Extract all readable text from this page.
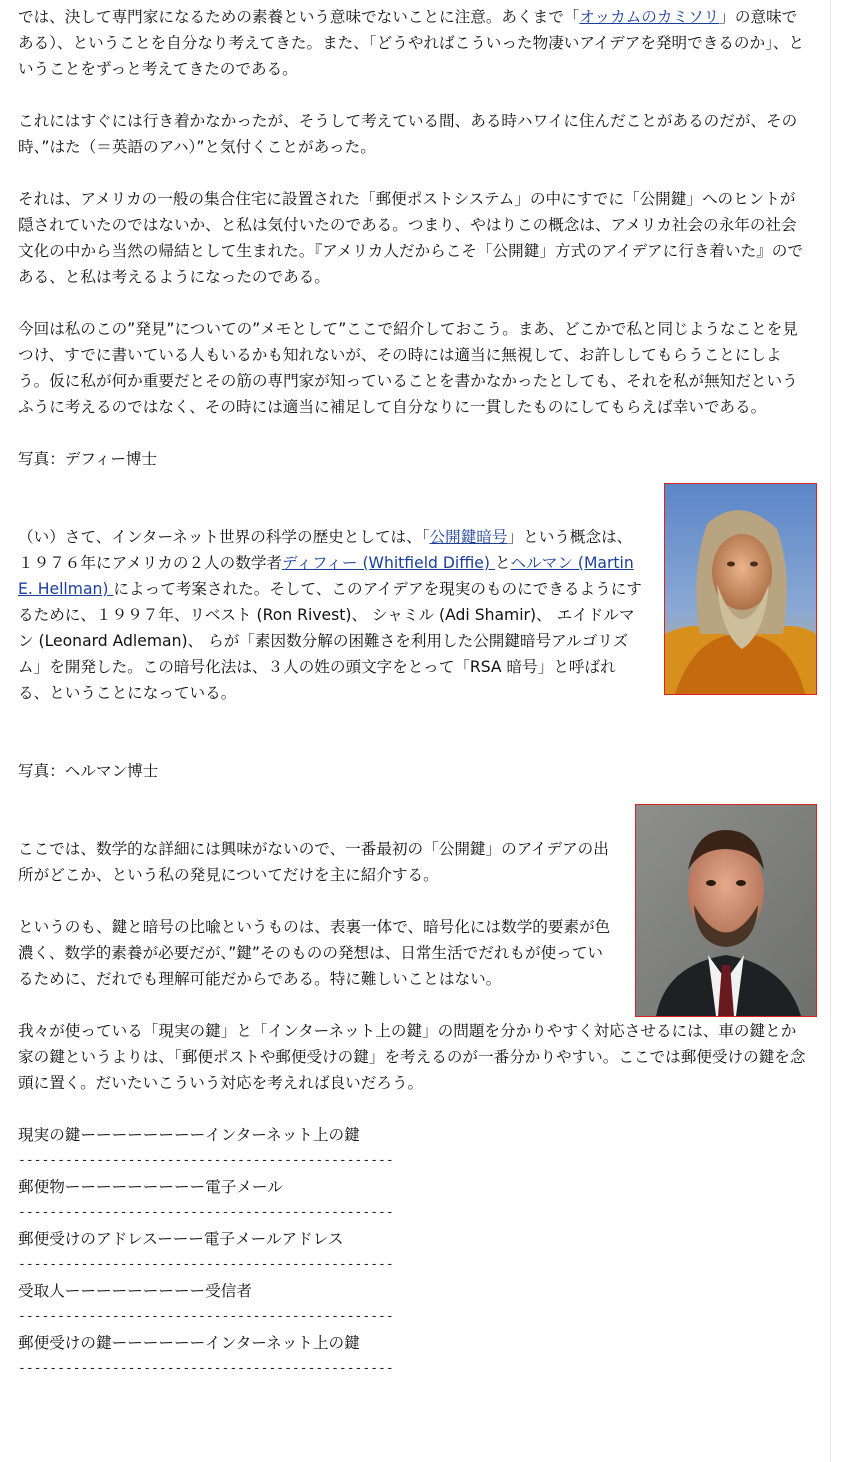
では、決して専門家になるための素養という意味でないことに注意。あくまで「オッカムのカミソリ」の意味である）、ということを自分なり考えてきた。また、「どうやればこういった物凄いアイデアを発明できるのか」、ということをずっと考えてきたのである。

これにはすぐには行き着かなかったが、そうして考えている間、ある時ハワイに住んだことがあるのだが、その時、”はた（＝英語のアハ）”と気付くことがあった。

それは、アメリカの一般の集合住宅に設置された「郵便ポストシステム」の中にすでに「公開鍵」へのヒントが隠されていたのではないか、と私は気付いたのである。つまり、やはりこの概念は、アメリカ社会の永年の社会文化の中から当然の帰結として生まれた。『アメリカ人だからこそ「公開鍵」方式のアイデアに行き着いた』のである、と私は考えるようになったのである。

今回は私のこの”発見”についての”メモとして”ここで紹介しておこう。まあ、どこかで私と同じようなことを見つけ、すでに書いている人もいるかも知れないが、その時には適当に無視して、お許ししてもらうことにしよう。仮に私が何か重要だとその筋の専門家が知っていることを書かなかったとしても、それを私が無知だというふうに考えるのではなく、その時には適当に補足して自分なりに一貫したものにしてもらえば幸いである。

写真：デフィー博士

（い）さて、インターネット世界の科学の歴史としては、「公開鍵暗号」という概念は、１９７６年にアメリカの２人の数学者ディフィー (Whitfield Diffie) とヘルマン (Martin E. Hellman) によって考案された。そして、このアイデアを現実のものにできるようにするために、１９９７年、リベスト (Ron Rivest)、 シャミル (Adi Shamir)、 エイドルマン (Leonard Adleman)、 らが「素因数分解の困難さを利用した公開鍵暗号アルゴリズム」を開発した。この暗号化法は、３人の姓の頭文字をとって「RSA 暗号」と呼ばれる、ということになっている。

写真：ヘルマン博士

ここでは、数学的な詳細には興味がないので、一番最初の「公開鍵」のアイデアの出所がどこか、という私の発見についてだけを主に紹介する。

というのも、鍵と暗号の比喩というものは、表裏一体で、暗号化には数学的要素が色濃く、数学的素養が必要だが、”鍵”そのものの発想は、日常生活でだれもが使っているために、だれでも理解可能だからである。特に難しいことはない。

我々が使っている「現実の鍵」と「インターネット上の鍵」の問題を分かりやすく対応させるには、車の鍵とか家の鍵というよりは、「郵便ポストや郵便受けの鍵」を考えるのが一番分かりやすい。ここでは郵便受けの鍵を念頭に置く。だいたいこういう対応を考えれば良いだろう。

現実の鍵ーーーーーーーーインターネット上の鍵

------------------------------------------------

郵便物ーーーーーーーーー電子メール

------------------------------------------------

郵便受けのアドレスーーー電子メールアドレス

------------------------------------------------

受取人ーーーーーーーーー受信者

------------------------------------------------

郵便受けの鍵ーーーーーーインターネット上の鍵

------------------------------------------------
